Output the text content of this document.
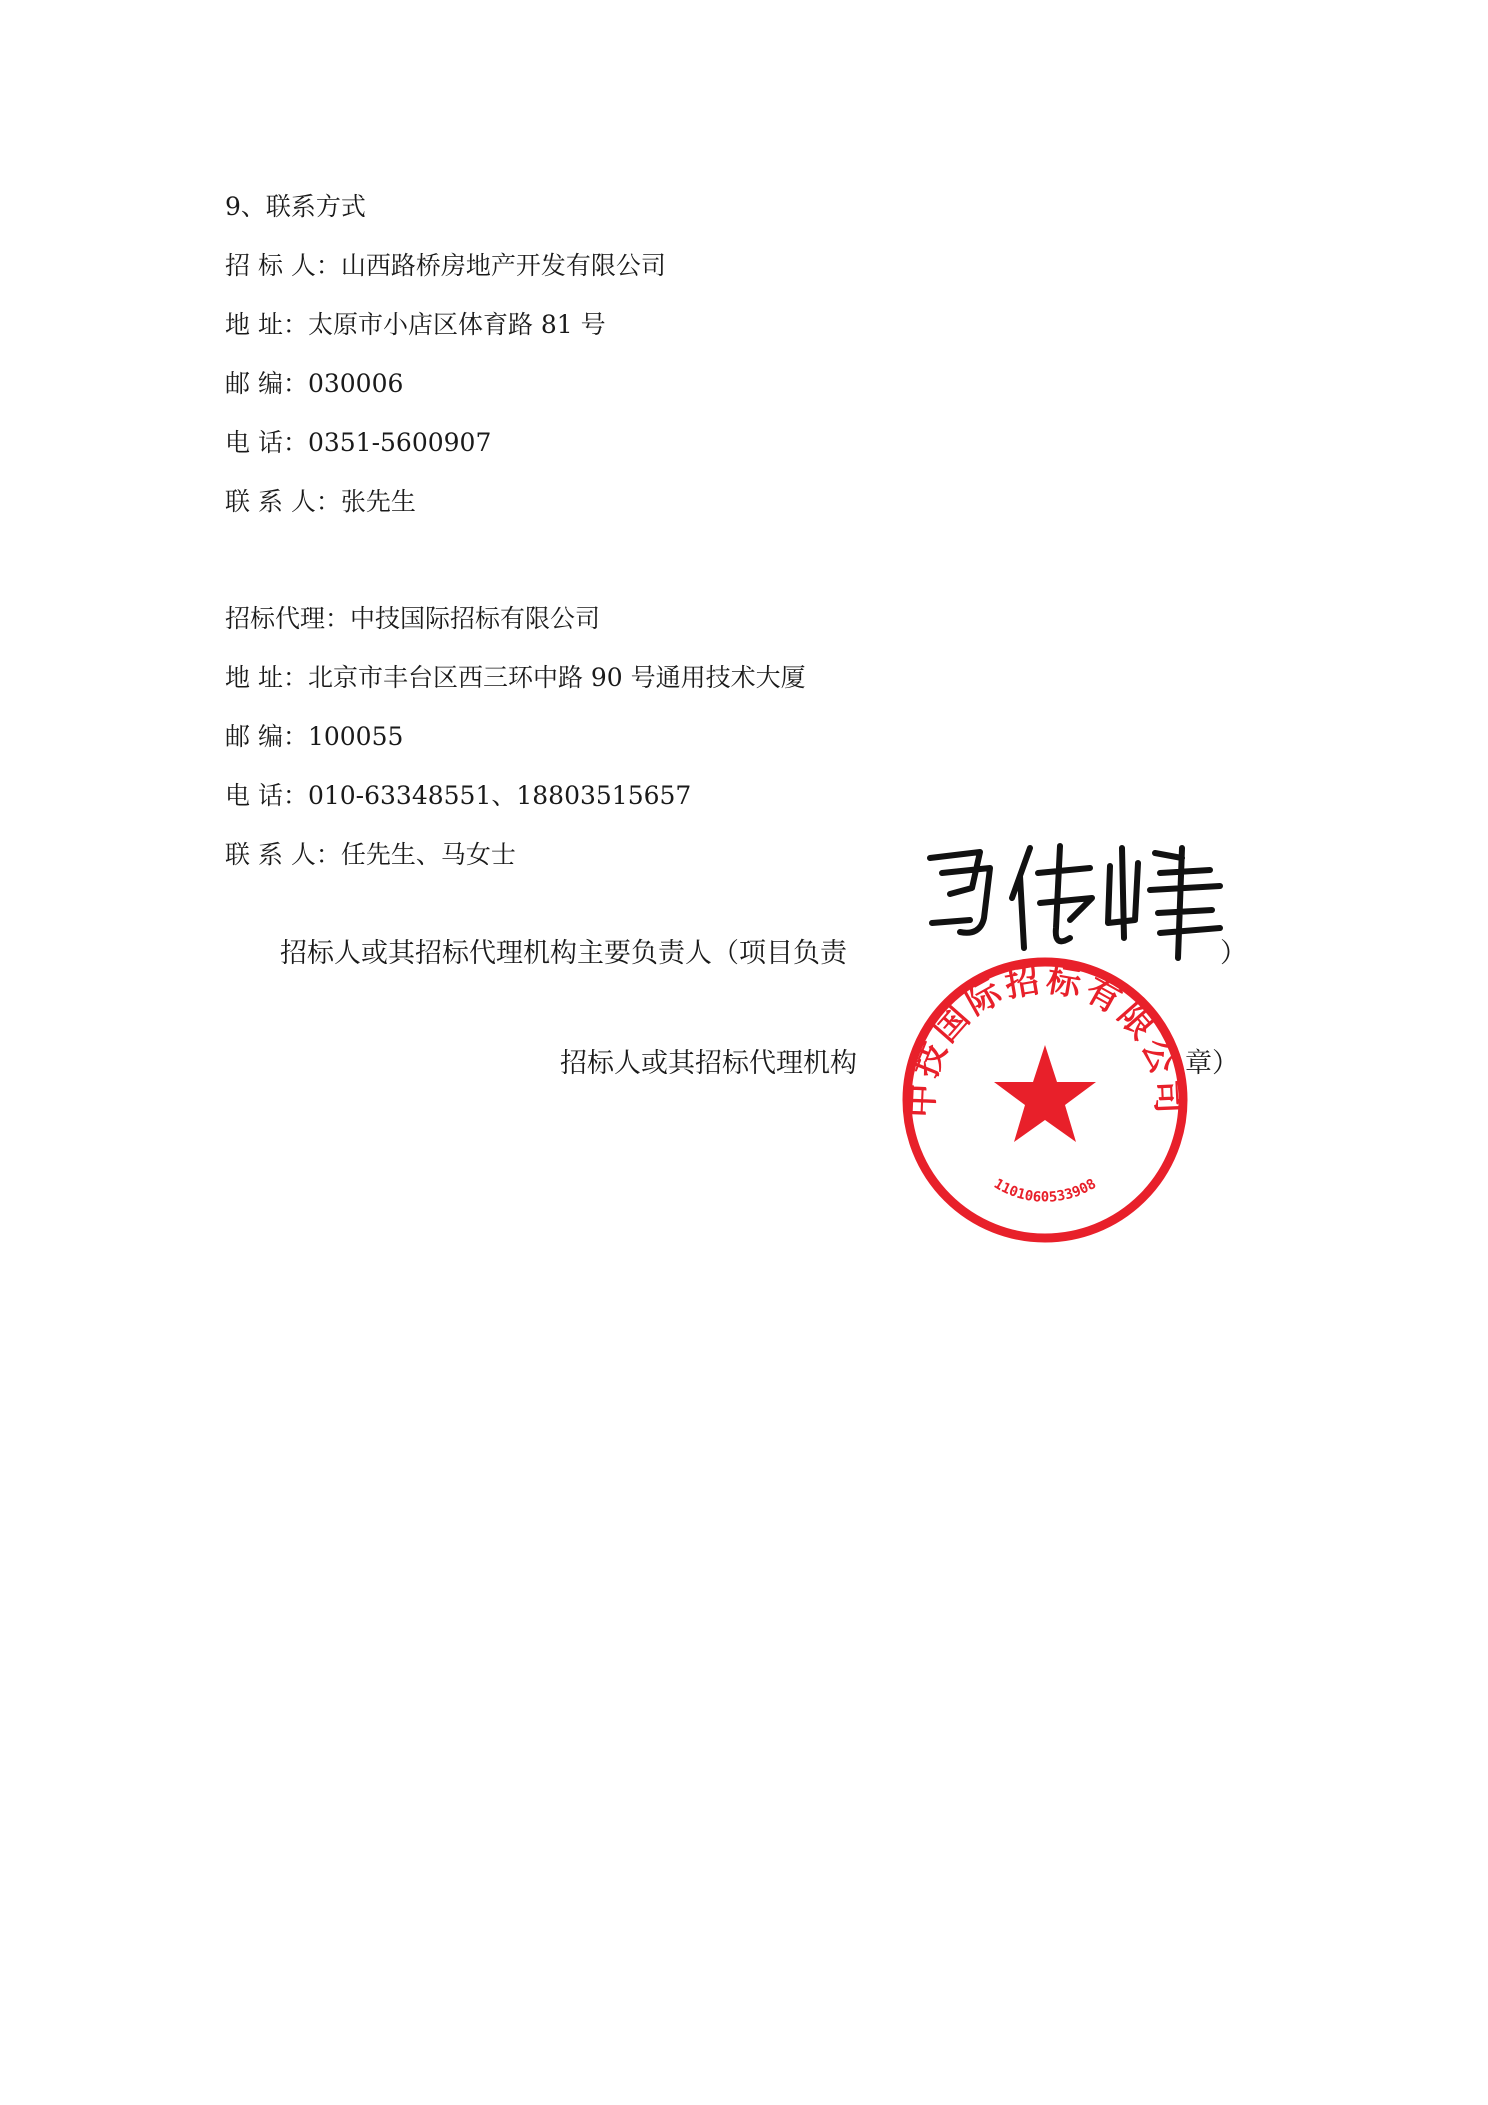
9、联系方式
招 标 人：山西路桥房地产开发有限公司
地 址：太原市小店区体育路 81 号
邮 编：030006
电 话：0351-5600907
联 系 人：张先生
招标代理：中技国际招标有限公司
地 址：北京市丰台区西三环中路 90 号通用技术大厦
邮 编：100055
电 话：010-63348551、18803515657
联 系 人：任先生、马女士
招标人或其招标代理机构主要负责人（项目负责	）
招标人或其招标代理机构	章）
中技国际招标有限公司
1101060533908
